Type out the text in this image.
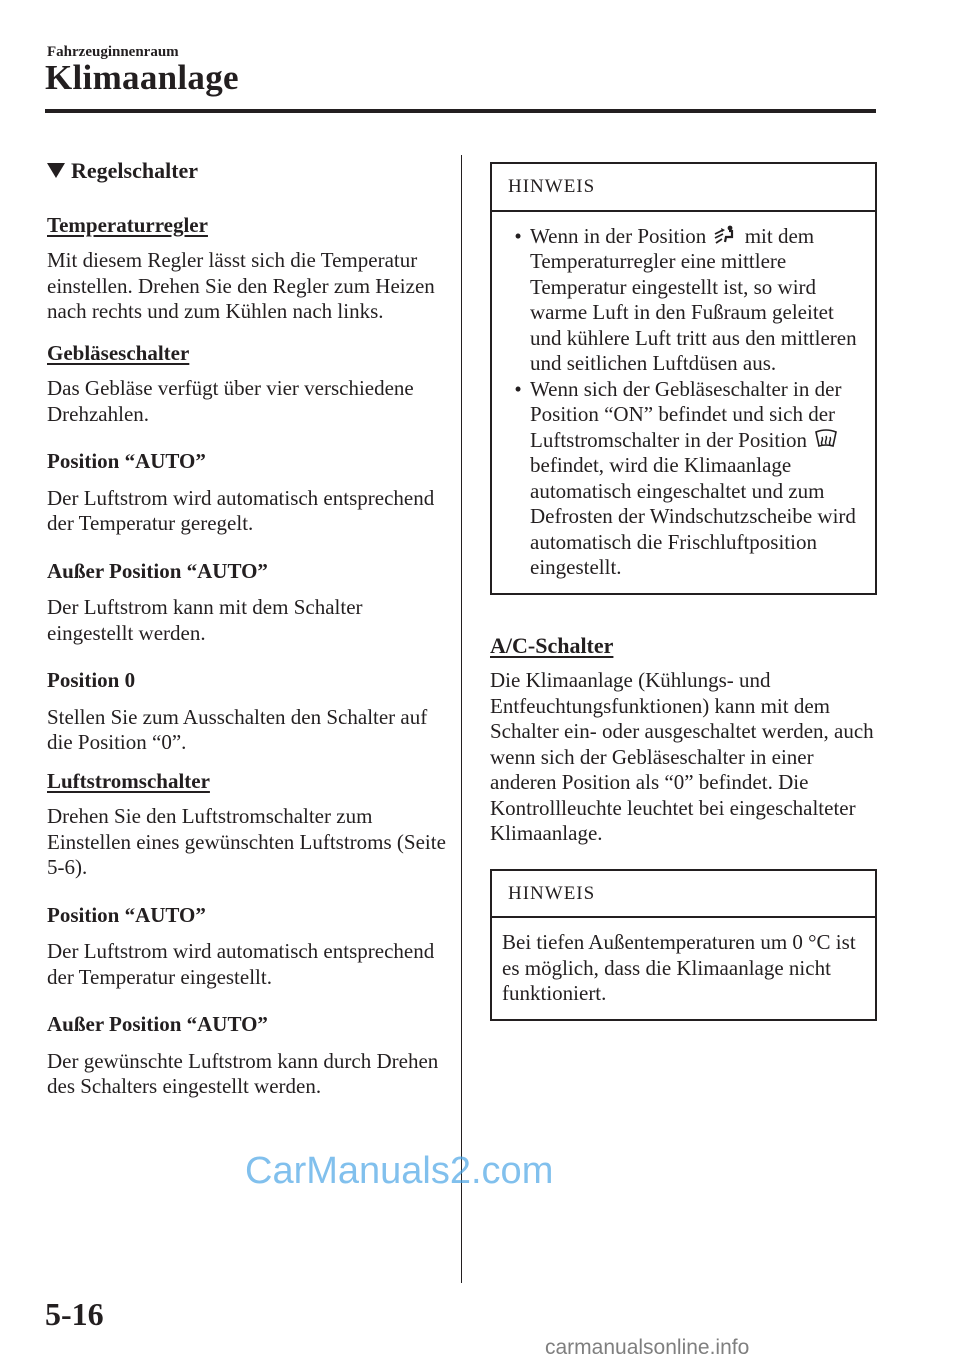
Fahrzeuginnenraum
Klimaanlage
Regelschalter

Temperaturregler

Mit diesem Regler lässt sich die Temperatur einstellen. Drehen Sie den Regler zum Heizen nach rechts und zum Kühlen nach links.

Gebläseschalter

Das Gebläse verfügt über vier verschiedene Drehzahlen.

Position “AUTO”

Der Luftstrom wird automatisch entsprechend der Temperatur geregelt.

Außer Position “AUTO”

Der Luftstrom kann mit dem Schalter eingestellt werden.

Position 0

Stellen Sie zum Ausschalten den Schalter auf die Position “0”.

Luftstromschalter

Drehen Sie den Luftstromschalter zum Einstellen eines gewünschten Luftstroms (Seite 5-6).

Position “AUTO”

Der Luftstrom wird automatisch entsprechend der Temperatur eingestellt.

Außer Position “AUTO”

Der gewünschte Luftstrom kann durch Drehen des Schalters eingestellt werden.

HINWEIS
• Wenn in der Position mit dem Temperaturregler eine mittlere Temperatur eingestellt ist, so wird warme Luft in den Fußraum geleitet und kühlere Luft tritt aus den mittleren und seitlichen Luftdüsen aus.
• Wenn sich der Gebläseschalter in der Position “ON” befindet und sich der Luftstromschalter in der Position  befindet, wird die Klimaanlage automatisch eingeschaltet und zum Defrosten der Windschutzscheibe wird automatisch die Frischluftposition eingestellt.

A/C-Schalter

Die Klimaanlage (Kühlungs- und Entfeuchtungsfunktionen) kann mit dem Schalter ein- oder ausgeschaltet werden, auch wenn sich der Gebläseschalter in einer anderen Position als “0” befindet. Die Kontrollleuchte leuchtet bei eingeschalteter Klimaanlage.

HINWEIS

Bei tiefen Außentemperaturen um 0 °C ist es möglich, dass die Klimaanlage nicht funktioniert.

5-16
CarManuals2.com
carmanualsonline.info
